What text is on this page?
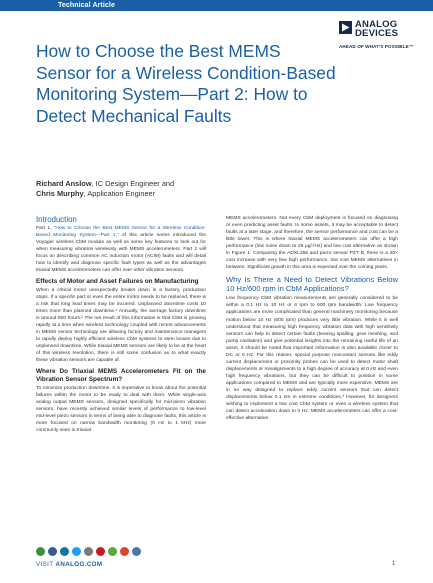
Technical Article
ANALOG
DEVICES
AHEAD OF WHAT'S POSSIBLE™
How to Choose the Best MEMS Sensor for a Wireless Condition-Based Monitoring System—Part 2: How to Detect Mechanical Faults
Richard Anslow, IC Design Engineer and
Chris Murphy, Application Engineer
Introduction

Part 1, “How to Choose the Best MEMS Sensor for a Wireless Condition-Based Monitoring System—Part 1,” of this article series introduced the Voyager wireless CbM module as well as some key features to look out for when measuring vibration wirelessly with MEMS accelerometers. Part 2 will focus on describing common AC induction motor (ACIM) faults and will detail how to identify and diagnose specific fault types as well as the advantages triaxial MEMS accelerometers can offer over other vibration sensors.

Effects of Motor and Asset Failures on Manufacturing

When a critical motor unexpectedly breaks down in a factory, production stops. If a specific part or even the entire motor needs to be replaced, there is a risk that long lead times may be incurred. Unplanned downtime costs 10 times more than planned downtime.¹ Annually, the average factory downtime is around 800 hours.² The net result of this information is that CbM is growing rapidly at a time when wireless technology coupled with recent advancements in MEMS sensor technology are allowing factory and maintenance managers to rapidly deploy highly efficient wireless CbM systems to stem losses due to unplanned downtime. While triaxial MEMS sensors are likely to be at the heart of this wireless revolution, there is still some confusion as to what exactly these vibration sensors are capable of.

Where Do Triaxial MEMS Accelerometers Fit on the Vibration Sensor Spectrum?

To minimize production downtime, it is imperative to know about the potential failures within the motor to be ready to deal with them. While single-axis analog output MEMS sensors, designed specifically for mid-piezo vibration sensors, have recently achieved similar levels of performance to low-level mid-level piezo sensors in terms of being able to diagnose faults, this article is more focused on narrow bandwidth monitoring (0 Hz to 1 kHz) more commonly seen in triaxial

MEMS accelerometers. Not every CbM deployment is focused on diagnosing or even predicting asset faults. In some assets, it may be acceptable to detect faults at a later stage, and therefore, the sensor performance and cost can be a little lower. This is where triaxial MEMS accelerometers can offer a high performance (low noise down to 25 μg/√Hz) and low cost alternative as shown in Figure 1. Comparing the ADXL356 and piezo sensor PZT B, there is a 20× cost increase with very few high performance, low cost MEMS alternatives in between. Significant growth in this area is expected over the coming years.

Why Is There a Need to Detect Vibrations Below 10 Hz/600 rpm in CbM Applications?

Low frequency CbM vibration measurements are generally considered to be within a 0.1 Hz to 10 Hz or 6 rpm to 600 rpm bandwidth. Low frequency applications are more complicated than general machinery monitoring because motion below 10 Hz (600 rpm) produces very little vibration. While it is well understood that measuring high frequency vibration data with high sensitivity sensors can help to detect certain faults (bearing spalling, gear meshing, and pump cavitation) and give potential insights into the remaining useful life of an asset, it should be noted that important information is also available closer to DC or 0 Hz. For this reason, special purpose noncontact sensors like eddy current displacement or proximity probes can be used to detect motor shaft displacements or misalignments to a high degree of accuracy at 0 Hz and even high frequency vibrations, but they can be difficult to position in some applications compared to MEMS and are typically more expensive. MEMS are in no way designed to replace eddy current sensors that can detect displacements below 0.1 nm in extreme conditions.³ However, for designers wishing to implement a low cost CbM system or even a wireless system that can detect acceleration down to 0 Hz, MEMS accelerometers can offer a cost-effective alternative.

VISIT ANALOG.COM	1
